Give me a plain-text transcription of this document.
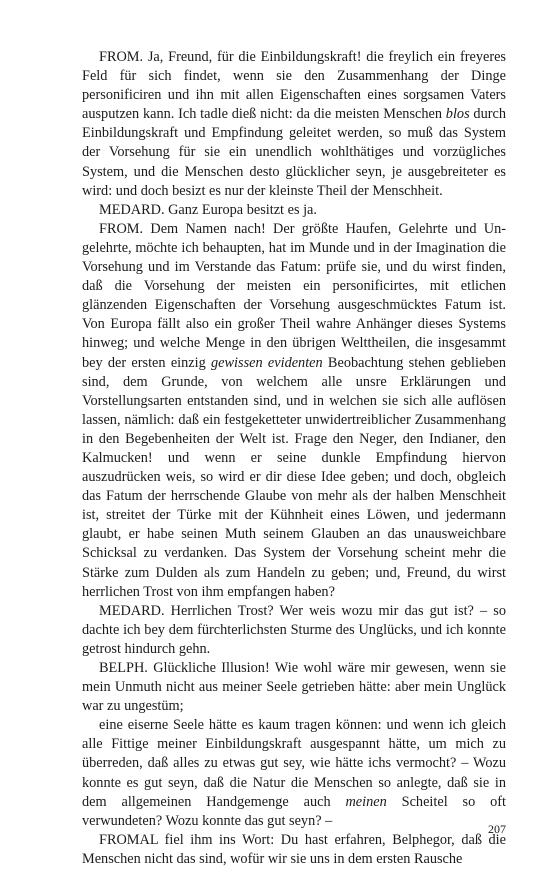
FROM. Ja, Freund, für die Einbildungskraft! die freylich ein freyeres Feld für sich findet, wenn sie den Zusammenhang der Dinge personificiren und ihn mit allen Eigenschaften eines sorgsamen Vaters ausputzen kann. Ich tadle dieß nicht: da die meisten Menschen blos durch Einbildungskraft und Empfindung geleitet werden, so muß das System der Vorsehung für sie ein unendlich wohlthätiges und vorzügliches System, und die Menschen desto glücklicher seyn, je ausgebreiteter es wird: und doch besizt es nur der kleinste Theil der Menschheit.

MEDARD. Ganz Europa besitzt es ja.

FROM. Dem Namen nach! Der größte Haufen, Gelehrte und Ungelehrte, möchte ich behaupten, hat im Munde und in der Imagination die Vorsehung und im Verstande das Fatum: prüfe sie, und du wirst finden, daß die Vorsehung der meisten ein personificirtes, mit etlichen glänzenden Eigenschaften der Vorsehung ausgeschmücktes Fatum ist. Von Europa fällt also ein großer Theil wahre Anhänger dieses Systems hinweg; und welche Menge in den übrigen Welttheilen, die insgesammt bey der ersten einzig gewissen evidenten Beobachtung stehen geblieben sind, dem Grunde, von welchem alle unsre Erklärungen und Vorstellungsarten entstanden sind, und in welchen sie sich alle auflösen lassen, nämlich: daß ein festgeketteter unwidertreiblicher Zusammenhang in den Begebenheiten der Welt ist. Frage den Neger, den Indianer, den Kalmucken! und wenn er seine dunkle Empfindung hiervon auszudrücken weis, so wird er dir diese Idee geben; und doch, obgleich das Fatum der herrschende Glaube von mehr als der halben Menschheit ist, streitet der Türke mit der Kühnheit eines Löwen, und jedermann glaubt, er habe seinen Muth seinem Glauben an das unausweichbare Schicksal zu verdanken. Das System der Vorsehung scheint mehr die Stärke zum Dulden als zum Handeln zu geben; und, Freund, du wirst herrlichen Trost von ihm empfangen haben?

MEDARD. Herrlichen Trost? Wer weis wozu mir das gut ist? – so dachte ich bey dem fürchterlichsten Sturme des Unglücks, und ich konnte getrost hindurch gehn.

BELPH. Glückliche Illusion! Wie wohl wäre mir gewesen, wenn sie mein Unmuth nicht aus meiner Seele getrieben hätte: aber mein Unglück war zu ungestüm;

eine eiserne Seele hätte es kaum tragen können: und wenn ich gleich alle Fittige meiner Einbildungskraft ausgespannt hätte, um mich zu überreden, daß alles zu etwas gut sey, wie hätte ichs vermocht? – Wozu konnte es gut seyn, daß die Natur die Menschen so anlegte, daß sie in dem allgemeinen Handgemenge auch meinen Scheitel so oft verwundeten? Wozu konnte das gut seyn? –

FROMAL fiel ihm ins Wort: Du hast erfahren, Belphegor, daß die Menschen nicht das sind, wofür wir sie uns in dem ersten Rausche

207
